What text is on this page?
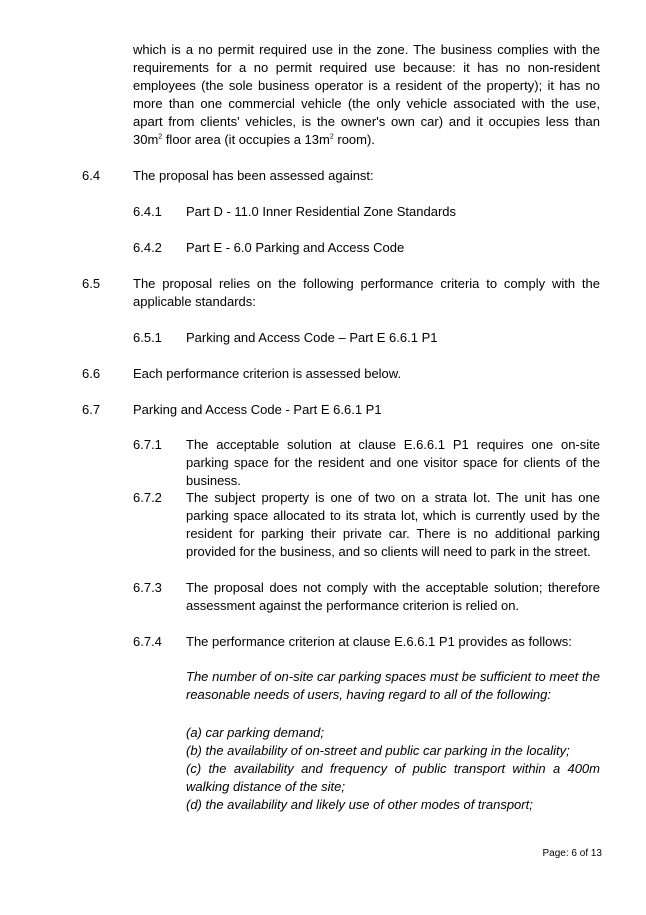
which is a no permit required use in the zone. The business complies with the requirements for a no permit required use because: it has no non-resident employees (the sole business operator is a resident of the property); it has no more than one commercial vehicle (the only vehicle associated with the use, apart from clients' vehicles, is the owner's own car) and it occupies less than $30m^2$ floor area (it occupies a $13m^2$ room).

6.4	The proposal has been assessed against:
6.4.1 Part D - 11.0 Inner Residential Zone Standards
6.4.2 Part E - 6.0 Parking and Access Code
6.5	The proposal relies on the following performance criteria to comply with the applicable standards:
6.5.1 Parking and Access Code – Part E 6.6.1 P1
6.6	Each performance criterion is assessed below.
6.7	Parking and Access Code - Part E 6.6.1 P1
6.7.1 The acceptable solution at clause E.6.6.1 P1 requires one on-site parking space for the resident and one visitor space for clients of the business.
6.7.2 The subject property is one of two on a strata lot. The unit has one parking space allocated to its strata lot, which is currently used by the resident for parking their private car. There is no additional parking provided for the business, and so clients will need to park in the street.
6.7.3 The proposal does not comply with the acceptable solution; therefore assessment against the performance criterion is relied on.
6.7.4 The performance criterion at clause E.6.6.1 P1 provides as follows:

The number of on-site car parking spaces must be sufficient to meet the reasonable needs of users, having regard to all of the following:

(a) car parking demand;

(b) the availability of on-street and public car parking in the locality;

(c) the availability and frequency of public transport within a 400m walking distance of the site;

(d) the availability and likely use of other modes of transport;

Page: 6 of 13
